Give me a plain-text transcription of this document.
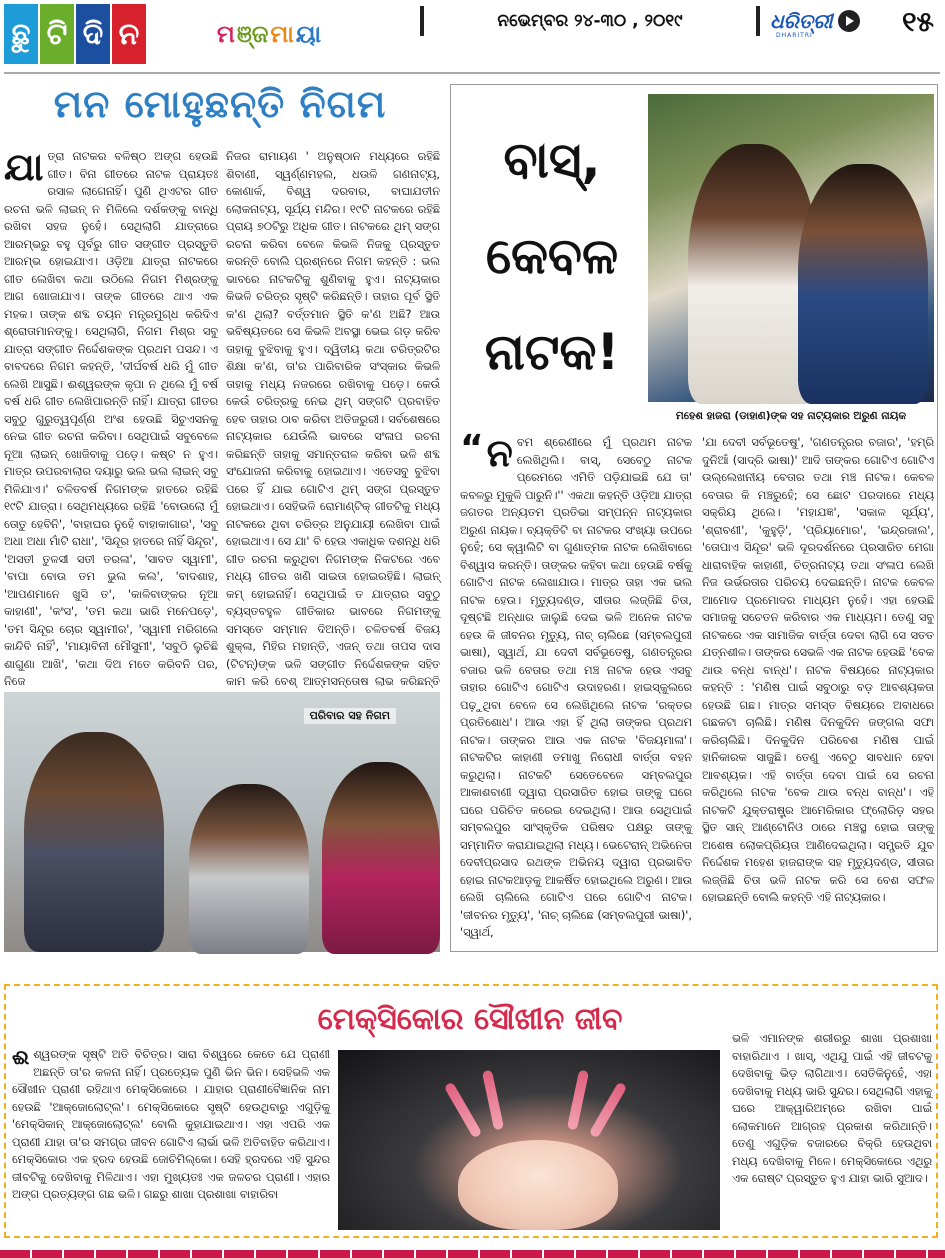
ଛୁ ଟି ଦି ନ	ମ ଞ୍ଜ ମା ୟା	ନଭେମ୍ବର ୨୪-୩୦ , ୨୦୧୯	ଧରିତ୍ରୀ
DHARITRI	୧୫
ମନ ମୋହୁଛନ୍ତି ନିଗମ
ଯା ତ୍ରା ନାଟକର ବଳିଷ୍ଠ ଅଙ୍ଗ ହେଉଛି ଗୀତ। ବିନା ଗୀତରେ ନାଟକ ପ୍ରାୟତଃ ରସାଳ ଲାଗେନାହିଁ। ପୁଣି ଥିଏଟର ଗୀତ ରଚନା ଭଳି ଲାଇନ୍‌ ନ ମିଳିଲେ ଦର୍ଶକଙ୍କୁ ବାନ୍ଧି ରଖିବା ସହଜ ନୁହେଁ। ସେଥିଲାଗି ଯାତ୍ରାରେ ଆରମ୍ଭରୁ ବହୁ ପୂର୍ବରୁ ଗୀତ ସଙ୍ଗୀତ ପ୍ରସ୍ତୁତି ଆରମ୍ଭ ହୋଇଯାଏ। ଓଡ଼ିଆ ଯାତ୍ରା ନାଟକରେ ଗୀତ ଲେଖିବା କଥା ଉଠିଲେ ନିଗମ ମିଶ୍ରଙ୍କୁ ଆଗ ଖୋଜାଯାଏ। ତାଙ୍କ ଗୀତରେ ଥାଏ ଏକ ମହକ। ତାଙ୍କ ଶବ୍ଦ ଚୟନ ମନ୍ତ୍ରମୁଗ୍ଧ କରିଦିଏ ଶ୍ରୋତାମାନଙ୍କୁ। ସେଥିଲାଗି, ନିଗମ ମିଶ୍ର ସବୁ ଯାତ୍ରା ସଙ୍ଗୀତ ନିର୍ଦ୍ଦେଶକଙ୍କ ପ୍ରଥମ ପସନ୍ଦ। ଏ ବାବଦରେ ନିଗମ କହନ୍ତି, 'ଦୀର୍ଘବର୍ଷ ଧରି ମୁଁ ଗୀତ ଲେଖି ଆସୁଛି। ଈଶ୍ୱରଙ୍କ କୃପା ନ ଥିଲେ ମୁଁ ବର୍ଷ ବର୍ଷ ଧରି ଗୀତ ଲେଖିପାରନ୍ତି ନାହିଁ। ଯାତ୍ରା ଗୀତର ସବୁଠୁ ଗୁରୁତ୍ୱପୂର୍ଣ୍ଣ ଅଂଶ ହେଉଛି ସିଚୁଏସନକୁ ନେଇ ଗୀତ ରଚନା କରିବା। ସେଥିପାଇଁ ସବୁବେଳେ ନୂଆ ଲାଇନ୍‌ ଖୋଜିବାକୁ ପଡ଼େ। କଷ୍ଟ ନ ହୁଏ। ମାତ୍ର ଉପରବାଲାର ଦୟାରୁ ଭଲ ଭଲ ଲାଇନ୍‌ ସବୁ ମିଳିଯାଏ।' ଚଳିତବର୍ଷ ନିଗମଙ୍କ ହାତରେ ରହିଛି ୧୯ଟି ଯାତ୍ରା। ସେଥିମଧ୍ୟରେ ରହିଛି 'ବୋଉଲୋ ମୁଁ ତୋତୁ ହେବିନି', 'ବାହାଘର ନୁହେଁ ବାହାକାଗାର', 'ସବୁ ଅଧା ଅଧା ମାଁଟି ରାଧା', 'ସିନ୍ଦୂର ହାତରେ ନାହିଁ ସିନ୍ଦୂର', 'ଅସତୀ ତୁଳସୀ ସତୀ ତରଳା', 'ସାବତ ସ୍ୱାମୀ', 'ବାପା ବୋଉ ତମ ଭୁଲ କଲ', 'ବାଦଶାହ, 'ଆପଣମାନେ ଖୁସି ତ', 'କାଳିବାଙ୍କର ନୂଆ କାହାଣୀ', 'କଂସ', 'ତମ କଥା ଭାରି ମନେପଡ଼େ', 'ତମ ସିନ୍ଦୂର ଚୋର ସ୍ୱାମୀର', 'ସ୍ୱାମୀ ମରିଗଲେ କାନ୍ଦିବି ନାହିଁ', 'ମାୟାବିନୀ ମୌସୁମୀ', 'ସବୁଠି ଲୁଚିଛି ଶାଗୁଣା ଆଖି', 'କଥା ଦିଅ ମତେ କରିବନି ପର, ନିଜେ
ନିଜର ରାମାୟଣ ' ଅନୁଷ୍ଠାନ ମଧ୍ୟରେ ରହିଛି ଶିବାଣୀ, ସ୍ୱର୍ଣ୍ଣମହଲ, ଧଉଳି ଗଣନାଟ୍ୟ, କୋଣାର୍କ, ବିଶ୍ୱ ଦରବାର, ବାଘାଯତୀନ ଲୋକନାଟ୍ୟ, ସୂର୍ଯ୍ୟ ମନ୍ଦିର। ୧୯ଟି ନାଟକରେ ରହିଛି ପ୍ରାୟ ୭୦ଟିରୁ ଅଧିକ ଗୀତ। ନାଟକରେ ଥିମ୍‌ ସଙ୍ଗ ରଚନା କରିବା ବେଳେ କିଭଳି ନିଜକୁ ପ୍ରସ୍ତୁତ କରନ୍ତି ବୋଲି ପ୍ରଶ୍ନରେ ନିଗମ କହନ୍ତି : ଭଲ ଭାବରେ ନାଟକଟିକୁ ଶୁଣିବାକୁ ହୁଏ। ନାଟ୍ୟକାର କିଭଳି ଚରିତ୍ର ସୃଷ୍ଟି କରିଛନ୍ତି। ତାହାର ପୂର୍ବ ସ୍ଥିତି କ'ଣ ଥିଲା? ବର୍ତ୍ତମାନ ସ୍ଥିତି କ'ଣ ଅଛି? ଆଉ ଭବିଷ୍ୟତରେ ସେ କିଭଳି ଅବସ୍ଥା ଭେଇ ଗଡ଼ କରିବ ତାହାକୁ ବୁଝିବାକୁ ହୁଏ। ଦ୍ୱିତୀୟ କଥା ଚରିତ୍ରଟିର ଶିକ୍ଷା କ'ଣ, ତା'ର ପାରିବାରିକ ସଂସ୍କାର କିଭଳି ତାହାକୁ ମଧ୍ୟ ନଜରରେ ରଖିବାକୁ ପଡ଼େ। କେଉଁ କେଉଁ ଚରିତ୍ରକୁ ନେଇ ଥିମ୍‌ ସଙ୍ଗଟି ପ୍ରବାହିତ ହେବ ତାହାର ଠାବ କରିବା ଅତିଜରୁରୀ। ସର୍ବଶେଷରେ ନାଟ୍ୟକାର ଯେଉଁଲି ଭାବରେ ସଂଳାପ ରଚନା କରିଛନ୍ତି ତାହାକୁ ସମାନ୍ତରାଳ କରିବା ଭଳି ଶବ୍ଦ ସଂଯୋଜନା କରିବାକୁ ହୋଇଥାଏ। ଏତେସବୁ ବୁଝିବା ପରେ ହିଁ ଯାଇ ଗୋଟିଏ ଥିମ୍‌ ସଙ୍ଗ ପ୍ରସ୍ତୁତ ହୋଇଥାଏ। ସେହିଭଳି ରୋମାଣ୍ଟିକ୍‌ ଗୀତଟିକୁ ମଧ୍ୟ ନାଟକରେ ଥିବା ଚରିତ୍ର ଅନୁଯାୟୀ ଲେଖିବା ପାଇଁ ହୋଇଥାଏ। ସେ ଯା' ବି ହେଉ ଏକାଧିକ ଦଶନ୍ଧି ଧରି ଗୀତ ରଚନା କରୁଥିବା ନିଗମଙ୍କ ନିକଟରେ ଏବେ ମଧ୍ୟ ଗୀତର ଖଣି ସାଇତା ହୋଇରହିଛି। ଲାଇନ୍‌ କମ୍‌ ହୋଇନାହିଁ। ସେଥିପାଇଁ ତ ଯାତ୍ରାର ସବୁଠୁ ବ୍ୟସ୍ତବହୁଳ ଗୀତିକାର ଭାବରେ ନିଗମଙ୍କୁ ସମସ୍ତେ ସମ୍ମାନ ଦିଅନ୍ତି। ଚଳିତବର୍ଷ ବିଜୟ ଶୁକ୍ଳା, ମିହିର ମହାନ୍ତି, ଏଜନ୍‌ ତଥା ତାପସ ଦାସ (ଟିଟନ୍‌)ଙ୍କ ଭଳି ସଙ୍ଗୀତ ନିର୍ଦ୍ଦେଶକଙ୍କ ସହିତ କାମ କରି ବେଶ୍‌ ଆତ୍ମସନ୍ତୋଷ ଲାଭ କରିଛନ୍ତି
ପରିବାର ସହ ନିଗମ
ବାସ୍‌,
କେବଳ
ନାଟକ!
ମହେଶ ହାଜରା (ଡାହାଣ)ଙ୍କ ସହ ନାଟ୍ୟକାର ଅରୁଣ ନାୟକ
“ ନ ବମ ଶ୍ରେଣୀରେ ମୁଁ ପ୍ରଥମ ନାଟକ ଲେଖିଥିଲି। ବାସ୍‌, ସେବେଠୁ ନାଟକ ପ୍ରେମରେ ଏମିତି ପଡ଼ିଯାଇଛି ଯେ ତା' କବଳରୁ ମୁକୁଳି ପାରୁନି।'' ଏକଥା କହନ୍ତି ଓଡ଼ିଆ ଯାତ୍ରା ଜଗତର ଅନ୍ୟତମ ପ୍ରତିଭା ସମ୍ପନ୍ନ ନାଟ୍ୟକାର ଅରୁଣ ନାୟକ। ବ୍ୟକ୍ତିଟି ବା ନାଟକର ସଂଖ୍ୟା ଉପରେ ନୁହେଁ; ସେ କ୍ୱାଲିଟି ବା ଗୁଣାତ୍ମକ ନାଟକ ଲେଖିବାରେ ବିଶ୍ୱାସ କରନ୍ତି। ତାଙ୍କର କହିବା କଥା ହେଉଛି ବର୍ଷକୁ ଗୋଟିଏ ନାଟକ ଲେଖାଯାଉ। ମାତ୍ର ତାହା ଏକ ଭଲ ନାଟକ ହେଉ। ମୃତ୍ୟୁଦଣ୍ଡ, ସୀତାର ଲଜ୍ଜିଛି ଚିତା, ଦୂଷ୍ଟଛି ଅନ୍ଧାର ଜାଲୁଛି ଦେଇ ଭଳି ଅନେକ ନାଟକ ହେଉ କି ଜୀବନର ମୃତ୍ୟୁ, ନାଚ୍‌ ଚାଲିଛେ (ସମ୍ବଲପୁରୀ ଭାଷା), ସ୍ୱାର୍ଥ, ଯା ଦେବୀ ସର୍ବଭୂତେଷୁ, ଗଣତନ୍ତ୍ରର ବଜାର ଭଳି ବେତାର ତଥା ମଞ୍ଚ ନାଟକ ହେଉ ଏସବୁ ତାହାର ଗୋଟିଏ ଗୋଟିଏ ଉଦାହରଣ। ହାଇସ୍କୁଲରେ ପଢ଼ୁଥିବା ବେଳେ ସେ ଲେଖିଥିଲେ ନାଟକ 'ରକ୍ତର ପ୍ରତିଶୋଧ'। ଆଉ ଏହା ହିଁ ଥିଲା ତାଙ୍କର ପ୍ରଥମ ନାଟକ। ତାଙ୍କର ଆଉ ଏକ ନାଟକ 'ବିଜୟମାଳା'। ନାଟକଟିର କାହାଣୀ ତମାଖୁ ନିରୋଧୀ ବାର୍ତ୍ତା ବହନ କରୁଥିଲା। ନାଟକଟି ସେତେବେଳେ ସମ୍ବଲପୁର ଆକାଶବାଣୀ ଦ୍ୱାରା ପ୍ରସାରିତ ହୋଇ ତାଙ୍କୁ ଘରେ ଘରେ ପରିଚିତ କରେଇ ଦେଇଥିଲା। ଆଉ ସେଥିପାଇଁ ସମ୍ବଲପୁର ସାଂସ୍କୃତିକ ପରିଷଦ ପକ୍ଷରୁ ତାଙ୍କୁ ସମ୍ମାନିତ କରାଯାଇଥିଲା ମଧ୍ୟ। ଭେଟେରାନ୍‌ ଅଭିନେତା ଦେବୀପ୍ରସାଦ ରଥଙ୍କ ଅଭିନୟ ଦ୍ୱାରା ପ୍ରଭାବିତ ହୋଇ ନାଟକଆଡ଼କୁ ଆକର୍ଷିତ ହୋଇଥିଲେ ଅରୁଣ। ଆଉ ଲେଖି ଚାଲିଲେ ଗୋଟିଏ ପରେ ଗୋଟିଏ ନାଟକ। 'ଜୀବନର ମୃତ୍ୟୁ', 'ନାଚ୍‌ ଚାଲିଛେ (ସମ୍ବଲପୁରୀ ଭାଷା)', 'ସ୍ୱାର୍ଥ,
'ଯା ଦେବୀ ସର୍ବଭୂତେଷୁ', 'ଗଣତନ୍ତ୍ରର ବଜାର', 'ହମ୍ରି ଦୁନିଆଁ (ସାଦ୍ରି ଭାଷା)' ଆଦି ତାଙ୍କର ଗୋଟିଏ ଗୋଟିଏ ଉଲ୍ଲେଖନୀୟ ବେତାର ତଥା ମଞ୍ଚ ନାଟକ। କେବଳ ବେତାର କି ମଞ୍ଚରୁହେଁ; ସେ ଛୋଟ ପରଦାରେ ମଧ୍ୟ ସକ୍ରିୟ ଥିଲେ। 'ମହାଯଜ୍ଞ', 'ସକାଳ ସୂର୍ଯ୍ୟ', 'ଶ୍ରାବଣୀ', 'କୁହୁଡ଼ି', 'ପ୍ରିୟାମୋର', 'ଇନ୍ଦ୍ରଜାଲ', 'ତୋପାଏ ସିନ୍ଦୂର' ଭଳି ଦୂରଦର୍ଶନରେ ପ୍ରସାରିତ ମେଗା ଧାରାବାହିକ କାହାଣୀ, ଚିତ୍ରନାଟ୍ୟ ତଥା ସଂଳାପ ଲେଖି ନିଜ ଉର୍ଭରତାର ପରିଚୟ ଦେଇଛନ୍ତି। ନାଟକ କେବଳ ଆମୋଦ ପ୍ରମୋଦର ମାଧ୍ୟମ ନୁହେଁ। ଏହା ହେଉଛି ସମାଜକୁ ସଚେତନ କରିବାର ଏକ ମାଧ୍ୟମ। ତେଣୁ ସବୁ ନାଟକରେ ଏକ ସାମାଜିକ ବାର୍ତ୍ତା ଦେବା ଲାଗି ସେ ସତତ ଯତ୍ନଶୀଳ। ତାଙ୍କର ସେଭଳି ଏକ ନାଟକ ହେଉଛି 'ବେକ ଥାଉ ବନ୍ଧ ବାନ୍ଧ'। ନାଟକ ବିଷୟରେ ନାଟ୍ୟକାର କହନ୍ତି : 'ମଣିଷ ପାଇଁ ସବୁଠାରୁ ବଡ଼ ଆବଶ୍ୟକତା ହେଉଛି ଗଛ। ମାତ୍ର ସମସ୍ତ ବିଷୟରେ ଅବାଧରେ ଗଛକଟା ଚାଲିଛି। ମଣିଷ ଦିନକୁଦିନ ଜଙ୍ଗଲ ସଫା କରିଚାଲିଛି। ଦିନକୁଦିନ ପରିବେଶ ମଣିଷ ପାଇଁ ହାନିକାରକ ସାଜୁଛି। ତେଣୁ ଏବେଠୁ ସାବଧାନ ହେବା ଆବଶ୍ୟକ। ଏହି ବାର୍ତ୍ତା ଦେବା ପାଇଁ ସେ ରଚନା କରିଥିଲେ ନାଟକ 'ବେକ ଥାଉ ବନ୍ଧ ବାନ୍ଧ'। ଏହି ନାଟକଟି ଯୁକ୍ତରାଷ୍ଟ୍ର ଆମେରିକାର ଫ୍ଲୋରିଡ଼ ସହର ସ୍ଥିତ ସାନ୍‌ ଆଣ୍ଟୋନିଓ ଠାରେ ମଞ୍ଚସ୍ଥ ହୋଇ ତାଙ୍କୁ ଅଶେଷ ଲୋକପ୍ରିୟତା ଆଣିଦେଇଥିଲା। ସମ୍ପ୍ରତି ଯୁବ ନିର୍ଦ୍ଦେଶକ ମହେଶ ହାଜରାଙ୍କ ସହ ମୃତ୍ୟୁଦଣ୍ଡ, ସୀତାର ଲଜ୍ଜିଛି ଚିତା ଭଳି ନାଟକ କରି ସେ ବେଶ ସଫଳ ହୋଇଛନ୍ତି ବୋଲି କହନ୍ତି ଏହି ନାଟ୍ୟକାର।
ମେକ୍ସିକୋର ସୌଖୀନ ଜୀବ
ଈ ଶ୍ୱରଙ୍କ ସୃଷ୍ଟି ଅତି ବିଚିତ୍ର। ସାରା ବିଶ୍ୱରେ କେତେ ଯେ ପ୍ରାଣୀ ଅଛନ୍ତି ତା'ର କଳନା ନାହିଁ। ପ୍ରତ୍ୟେକ ପୁଣି ଭିନ ଭିନ। ସେହିଭଳି ଏକ ସୌଖୀନ ପ୍ରାଣୀ ରହିଥାଏ ମେକ୍ସିକୋରେ । ଯାହାର ପ୍ରାଣୀବୈଜ୍ଞାନିକ ନାମ ହେଉଛି 'ଆକ୍ଜୋଲୋଟ୍‌ଲ'। ମେକ୍ସିକୋରେ ସୃଷ୍ଟି ହେଉଥିବାରୁ ଏଗୁଡ଼ିକୁ 'ମେକ୍ସିକାନ୍‌ ଆକ୍ଜୋଲୋଟ୍‌ଲ' ବୋଲି କୁହାଯାଇଥାଏ। ଏହା ଏପରି ଏକ ପ୍ରାଣୀ ଯାହା ତା'ର ସମଗ୍ର ଜୀବନ ଗୋଟିଏ ଲାର୍ଭା ଭଳି ଅତିବାହିତ କରିଥାଏ। ମେକ୍ସିକୋର ଏକ ହ୍ରଦ ହେଉଛି ଜୋଚିମିଲ୍‌କୋ। ସେହି ହ୍ରଦରେ ଏହି ସୁନ୍ଦର ଜୀବଟିକୁ ଦେଖିବାକୁ ମିଳିଥାଏ। ଏହା ମୁଖ୍ୟତଃ ଏକ ଜଳଚର ପ୍ରାଣୀ। ଏହାର ଅଙ୍ଗ ପ୍ରତ୍ୟଙ୍ଗ ଗଛ ଭଳି। ଗଛରୁ ଶାଖା ପ୍ରଶାଖା ବାହାରିବା
ଭଳି ଏମାନଙ୍କ ଶରୀରରୁ ଶାଖା ପ୍ରଶାଖା ବାହାରିଥାଏ । ଖାସ୍‌, ଏଥିଯୁ ପାଇଁ ଏହି ଜୀବଟକୁ ଦେଖିବାକୁ ଭିଡ଼ ଲାଗିଥାଏ। ସେତିକିନୁହେଁ, ଏହା ଦେଖିବାକୁ ମଧ୍ୟ ଭାରି ସୁନ୍ଦର। ସେଥିଲାଗି ଏହାକୁ ଘରେ ଆକ୍ୱାରିଅମ୍‌ରେ ରଖିବା ପାଇଁ ଲୋକମାନେ ଆଗ୍ରହ ପ୍ରକାଶ କରିଥାନ୍ତି। ତେଣୁ ଏଗୁଡ଼ିକ ବଜାରରେ ବିକ୍ରି ହେଉଥିବା ମଧ୍ୟ ଦେଖିବାକୁ ମିଳେ। ମେକ୍ସିକୋରେ ଏଥିରୁ ଏକ ରୋଷ୍ଟ ପ୍ରସ୍ତୁତ ହୁଏ ଯାହା ଭାରି ସୁଆଦ।
